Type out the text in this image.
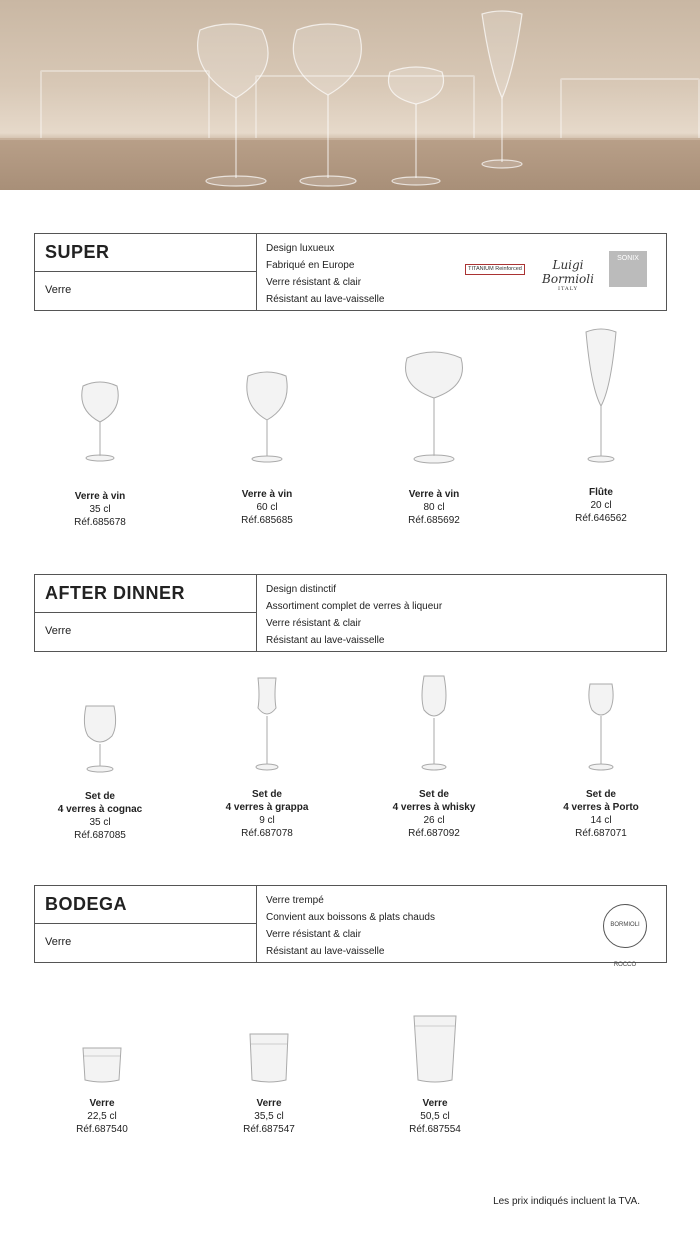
SUPER
Verre
Design luxueux
Fabriqué en Europe
Verre résistant & clair
Résistant au lave-vaisselle
TITANIUM Reinforced	Luigi Bormioli
ITALY
SONIX
Verre à vin
35 cl
Réf.685678
Verre à vin
60 cl
Réf.685685
Verre à vin
80 cl
Réf.685692
Flûte
20 cl
Réf.646562
AFTER DINNER
Verre
Design distinctif
Assortiment complet de verres à liqueur
Verre résistant & clair
Résistant au lave-vaisselle
Set de
4 verres à cognac
35 cl
Réf.687085
Set de
4 verres à grappa
9 cl
Réf.687078
Set de
4 verres à whisky
26 cl
Réf.687092
Set de
4 verres à Porto
14 cl
Réf.687071
BODEGA
Verre
Verre trempé
Convient aux boissons & plats chauds
Verre résistant & clair
Résistant au lave-vaisselle
BORMIOLI ROCCO
Verre
22,5 cl
Réf.687540
Verre
35,5 cl
Réf.687547
Verre
50,5 cl
Réf.687554
Les prix indiqués incluent la TVA.
